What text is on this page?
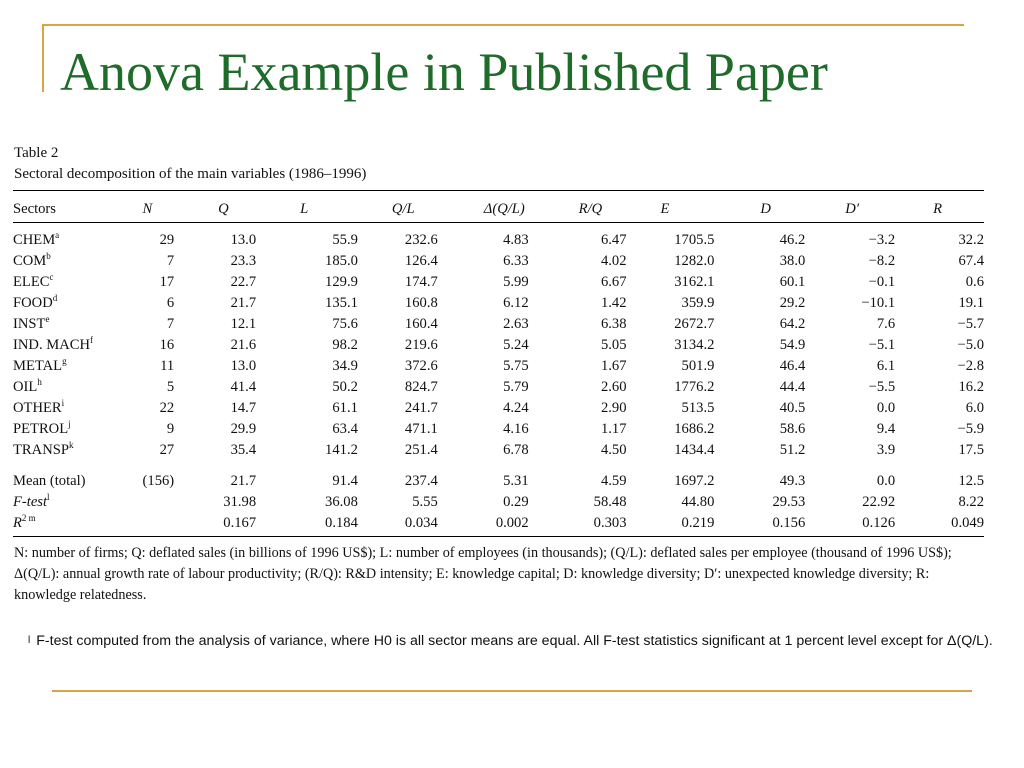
Anova Example in Published Paper
Table 2
Sectoral decomposition of the main variables (1986–1996)
Sectors	N	Q	L	Q/L	Δ(Q/L)	R/Q	E	D	D′	R
CHEM$^a$	29	13.0	55.9	232.6	4.83	6.47	1705.5	46.2	−3.2	32.2
COM$^b$	7	23.3	185.0	126.4	6.33	4.02	1282.0	38.0	−8.2	67.4
ELEC$^c$	17	22.7	129.9	174.7	5.99	6.67	3162.1	60.1	−0.1	0.6
FOOD$^d$	6	21.7	135.1	160.8	6.12	1.42	359.9	29.2	−10.1	19.1
INST$^e$	7	12.1	75.6	160.4	2.63	6.38	2672.7	64.2	7.6	−5.7
IND. MACH$^f$	16	21.6	98.2	219.6	5.24	5.05	3134.2	54.9	−5.1	−5.0
METAL$^g$	11	13.0	34.9	372.6	5.75	1.67	501.9	46.4	6.1	−2.8
OIL$^h$	5	41.4	50.2	824.7	5.79	2.60	1776.2	44.4	−5.5	16.2
OTHER$^i$	22	14.7	61.1	241.7	4.24	2.90	513.5	40.5	0.0	6.0
PETROL$^j$	9	29.9	63.4	471.1	4.16	1.17	1686.2	58.6	9.4	−5.9
TRANSP$^k$	27	35.4	141.2	251.4	6.78	4.50	1434.4	51.2	3.9	17.5
Mean (total)	(156)	21.7	91.4	237.4	5.31	4.59	1697.2	49.3	0.0	12.5
F-test$^l$		31.98	36.08	5.55	0.29	58.48	44.80	29.53	22.92	8.22
$R^{2 m}$		0.167	0.184	0.034	0.002	0.303	0.219	0.156	0.126	0.049
N: number of firms; Q: deflated sales (in billions of 1996 US$); L: number of employees (in thousands); (Q/L): deflated sales per employee (thousand of 1996 US$); Δ(Q/L): annual growth rate of labour productivity; (R/Q): R&D intensity; E: knowledge capital; D: knowledge diversity; D′: unexpected knowledge diversity; R: knowledge relatedness.
$^l$ F-test computed from the analysis of variance, where H0 is all sector means are equal. All F-test statistics significant at 1 percent level except for Δ(Q/L).
